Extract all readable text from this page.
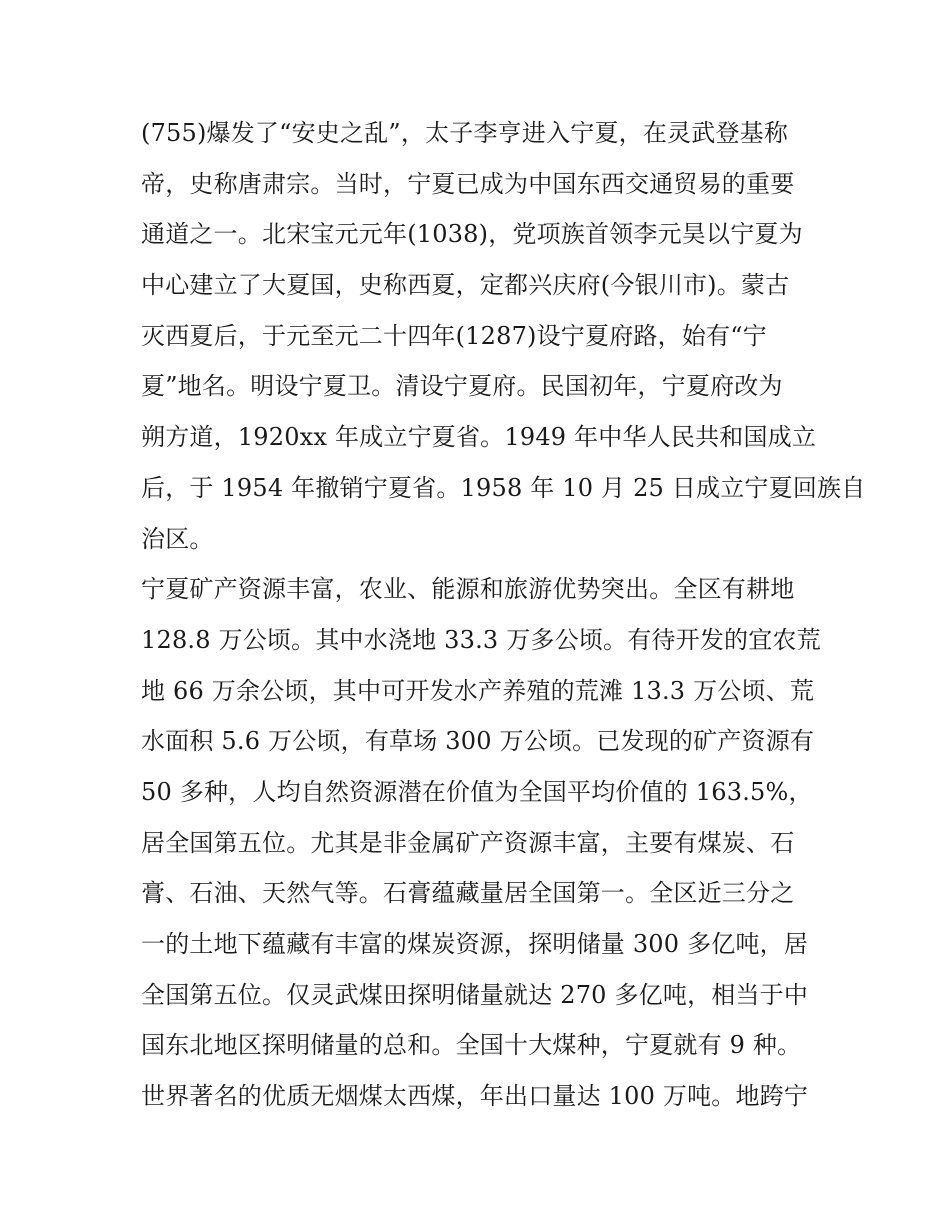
(755)爆发了“安史之乱”，太子李亨进入宁夏，在灵武登基称
帝，史称唐肃宗。当时，宁夏已成为中国东西交通贸易的重要
通道之一。北宋宝元元年(1038)，党项族首领李元昊以宁夏为
中心建立了大夏国，史称西夏，定都兴庆府(今银川市)。蒙古
灭西夏后，于元至元二十四年(1287)设宁夏府路，始有“宁
夏”地名。明设宁夏卫。清设宁夏府。民国初年，宁夏府改为
朔方道，1920xx 年成立宁夏省。1949 年中华人民共和国成立
后，于 1954 年撤销宁夏省。1958 年 10 月 25 日成立宁夏回族自
治区。
宁夏矿产资源丰富，农业、能源和旅游优势突出。全区有耕地
128.8 万公顷。其中水浇地 33.3 万多公顷。有待开发的宜农荒
地 66 万余公顷，其中可开发水产养殖的荒滩 13.3 万公顷、荒
水面积 5.6 万公顷，有草场 300 万公顷。已发现的矿产资源有
50 多种，人均自然资源潜在价值为全国平均价值的 163.5%，
居全国第五位。尤其是非金属矿产资源丰富，主要有煤炭、石
膏、石油、天然气等。石膏蕴藏量居全国第一。全区近三分之
一的土地下蕴藏有丰富的煤炭资源，探明储量 300 多亿吨，居
全国第五位。仅灵武煤田探明储量就达 270 多亿吨，相当于中
国东北地区探明储量的总和。全国十大煤种，宁夏就有 9 种。
世界著名的优质无烟煤太西煤，年出口量达 100 万吨。地跨宁
